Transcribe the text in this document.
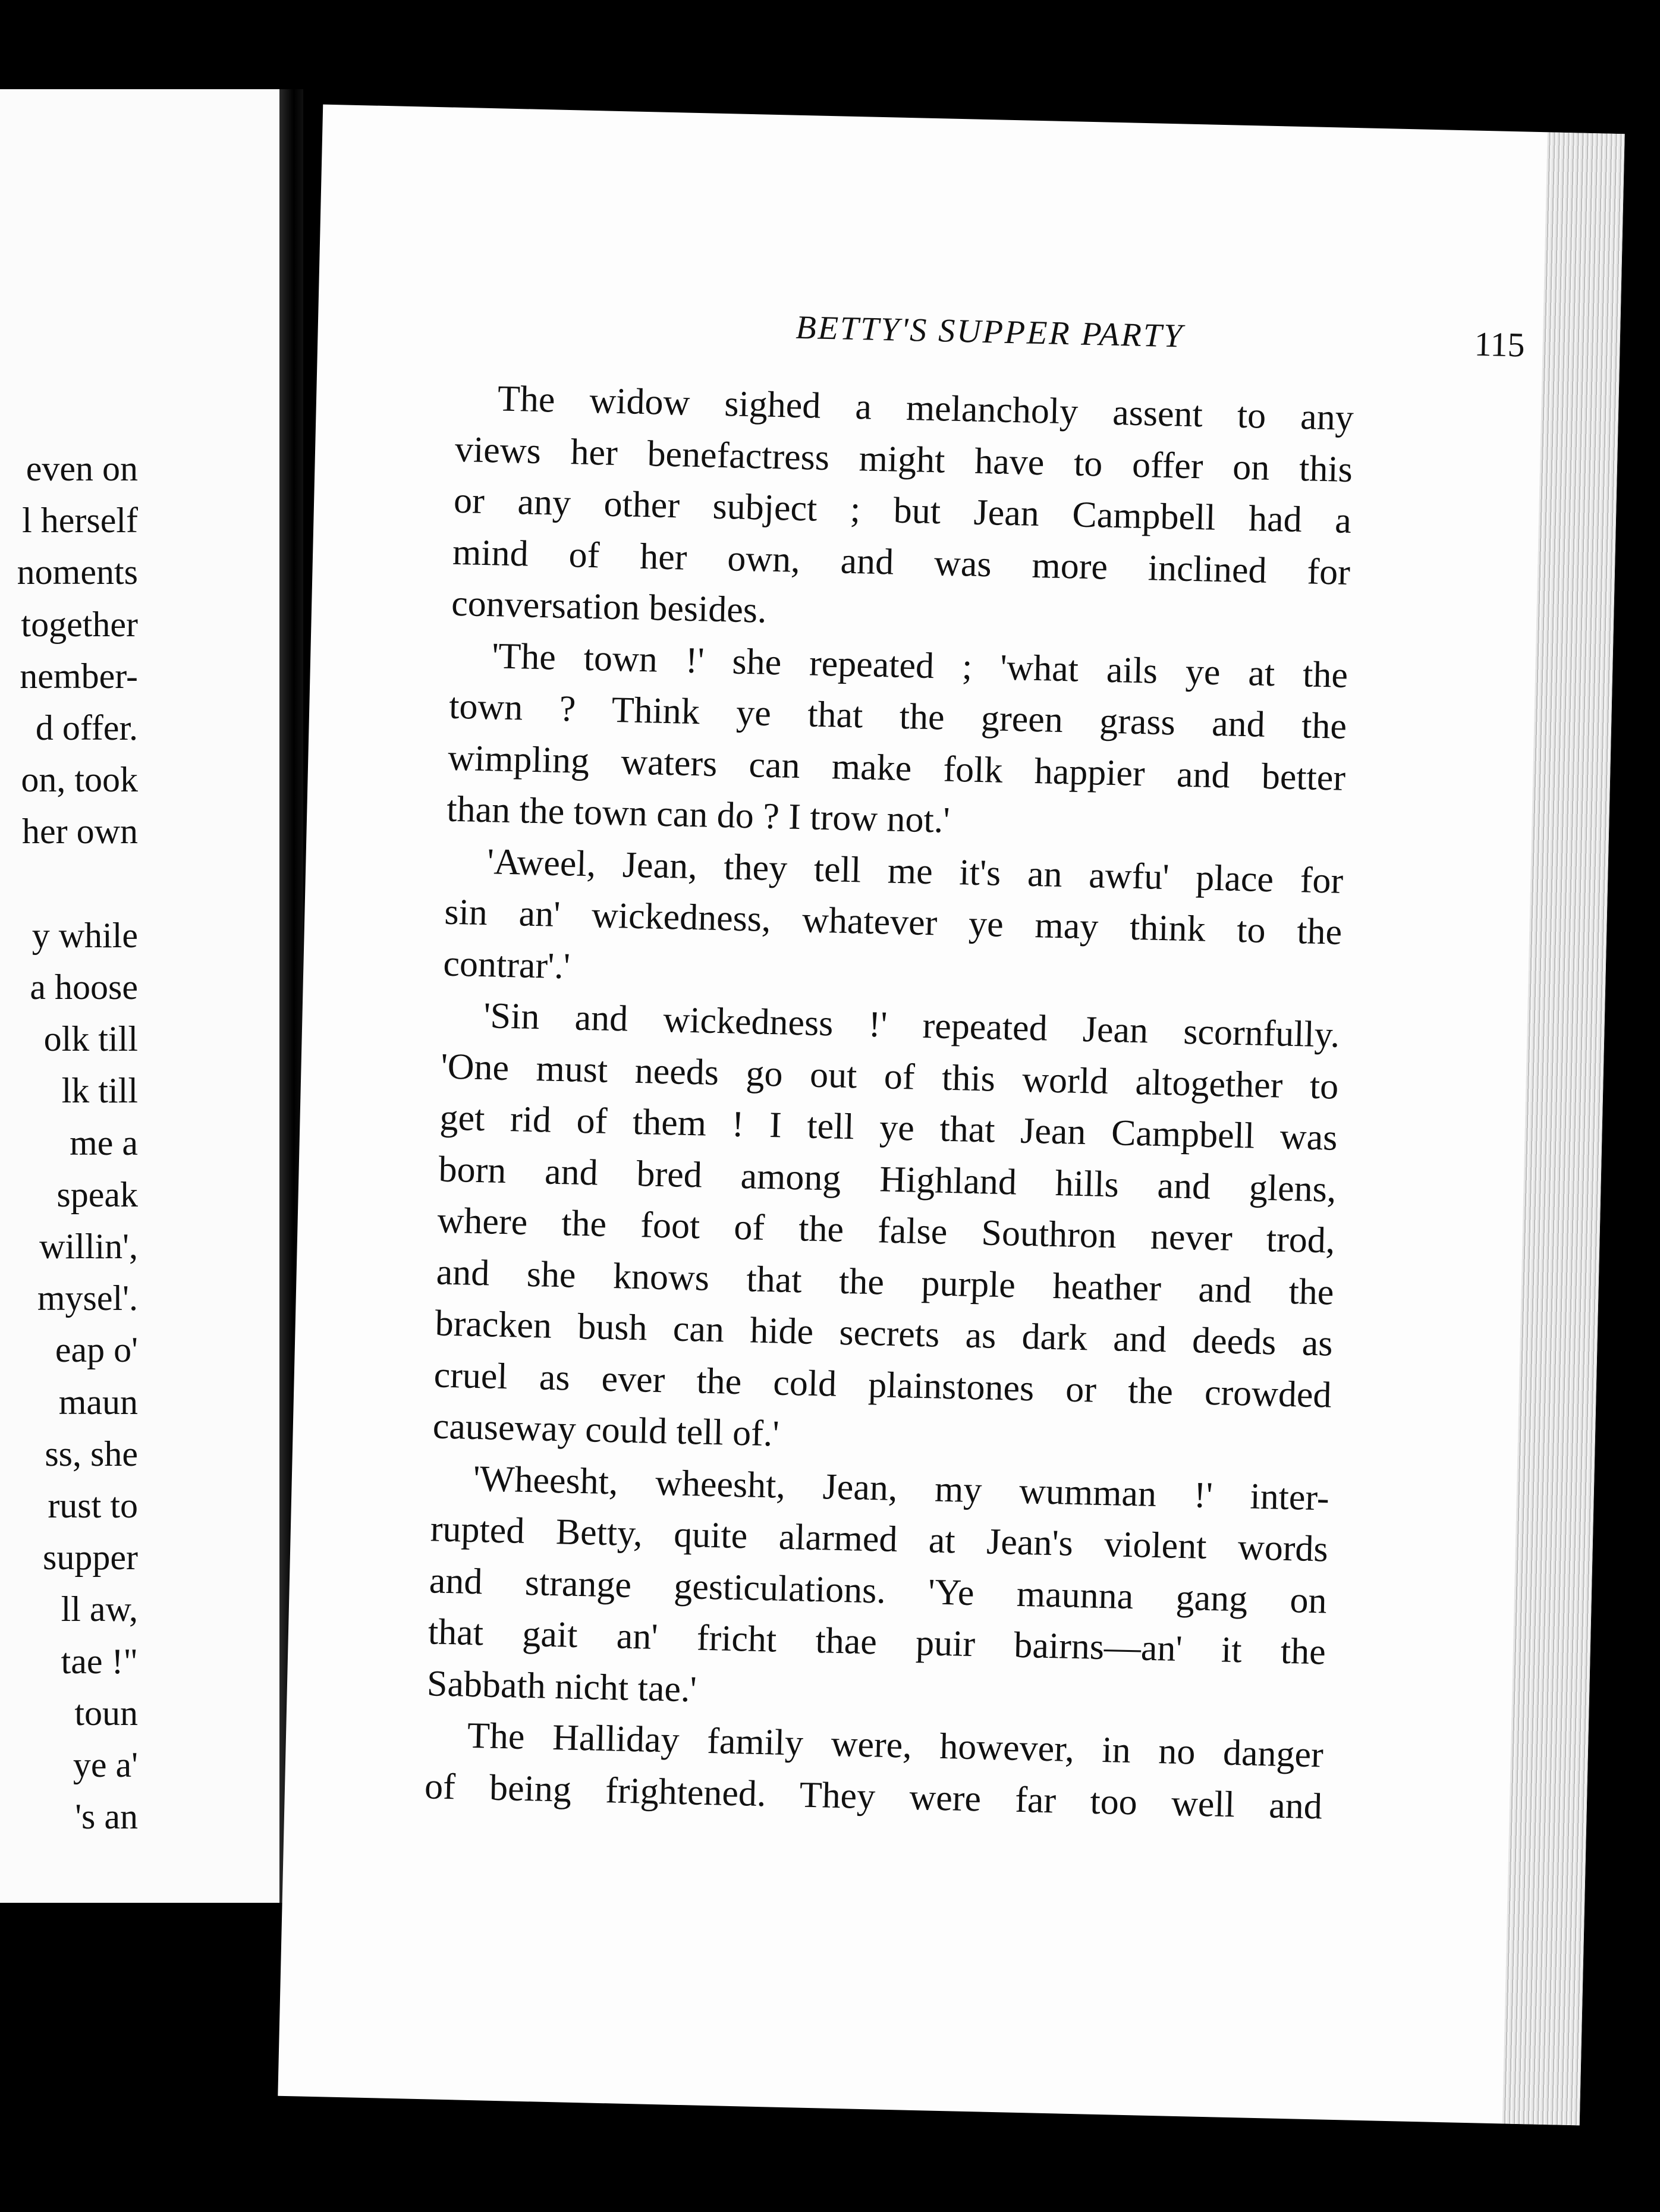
even on
l herself
noments
together
nember-
d offer.
on, took
her own

y while
a hoose
olk till
lk till
me a
speak
willin',
mysel'.
eap o'
maun
ss, she
rust to
supper
ll aw,
tae !"
toun
ye a'
's an
BETTY'S SUPPER PARTY	115
The widow sighed a melancholy assent to any
views her benefactress might have to offer on this
or any other subject ; but Jean Campbell had a
mind of her own, and was more inclined for
conversation besides.
'The town !' she repeated ; 'what ails ye at the
town ? Think ye that the green grass and the
wimpling waters can make folk happier and better
than the town can do ? I trow not.'
'Aweel, Jean, they tell me it's an awfu' place for
sin an' wickedness, whatever ye may think to the
contrar'.'
'Sin and wickedness !' repeated Jean scornfully.
'One must needs go out of this world altogether to
get rid of them ! I tell ye that Jean Campbell was
born and bred among Highland hills and glens,
where the foot of the false Southron never trod,
and she knows that the purple heather and the
bracken bush can hide secrets as dark and deeds as
cruel as ever the cold plainstones or the crowded
causeway could tell of.'
'Wheesht, wheesht, Jean, my wumman !' inter-
rupted Betty, quite alarmed at Jean's violent words
and strange gesticulations. 'Ye maunna gang on
that gait an' fricht thae puir bairns—an' it the
Sabbath nicht tae.'
The Halliday family were, however, in no danger
of being frightened. They were far too well and
